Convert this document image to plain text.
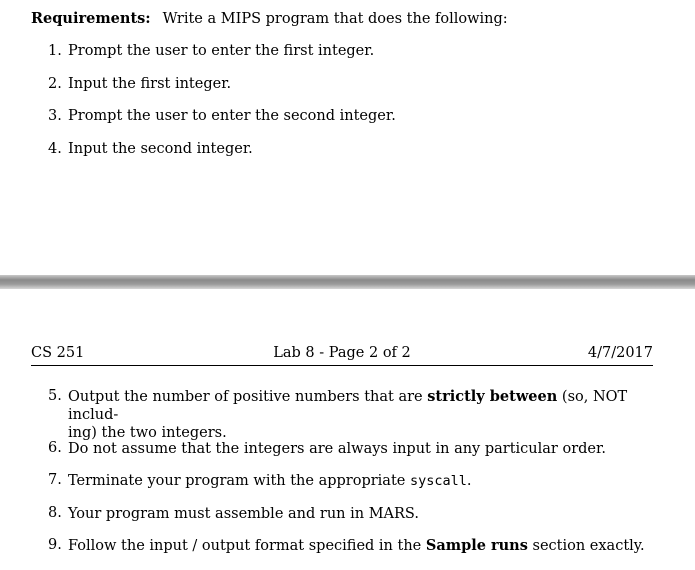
Requirements: Write a MIPS program that does the following:
1. Prompt the user to enter the first integer.
2. Input the first integer.
3. Prompt the user to enter the second integer.
4. Input the second integer.
CS 251	Lab 8 - Page 2 of 2	4/7/2017
5. Output the number of positive numbers that are strictly between (so, NOT includ-
ing) the two integers.
6. Do not assume that the integers are always input in any particular order.
7. Terminate your program with the appropriate syscall.
8. Your program must assemble and run in MARS.
9. Follow the input / output format specified in the Sample runs section exactly.
